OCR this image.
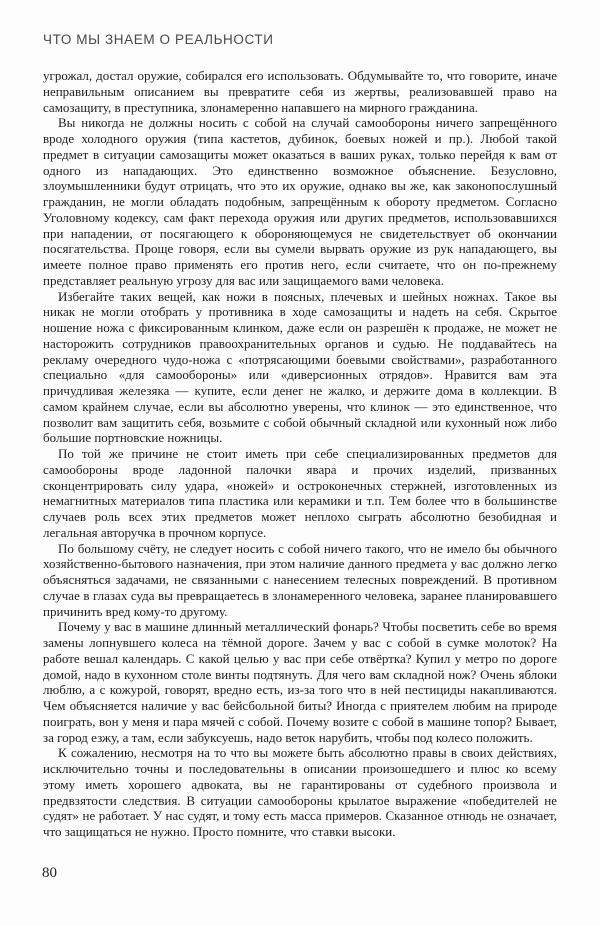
ЧТО МЫ ЗНАЕМ О РЕАЛЬНОСТИ

угрожал, достал оружие, собирался его использовать. Обдумывайте то, что говорите, иначе неправильным описанием вы превратите себя из жертвы, реализовавшей право на самозащиту, в преступника, злонамеренно напавшего на мирного гражданина.

Вы никогда не должны носить с собой на случай самообороны ничего запрещённого вроде холодного оружия (типа кастетов, дубинок, боевых ножей и пр.). Любой такой предмет в ситуации самозащиты может оказаться в ваших руках, только перейдя к вам от одного из нападающих. Это единственно возможное объяснение. Безусловно, злоумышленники будут отрицать, что это их оружие, однако вы же, как законопослушный гражданин, не могли обладать подобным, запрещённым к обороту предметом. Согласно Уголовному кодексу, сам факт перехода оружия или других предметов, использовавшихся при нападении, от посягающего к обороняющемуся не свидетельствует об окончании посягательства. Проще говоря, если вы сумели вырвать оружие из рук нападающего, вы имеете полное право применять его против него, если считаете, что он по-прежнему представляет реальную угрозу для вас или защищаемого вами человека.

Избегайте таких вещей, как ножи в поясных, плечевых и шейных ножнах. Такое вы никак не могли отобрать у противника в ходе самозащиты и надеть на себя. Скрытое ношение ножа с фиксированным клинком, даже если он разрешён к продаже, не может не насторожить сотрудников правоохранительных органов и судью. Не поддавайтесь на рекламу очередного чудо-ножа с «потрясающими боевыми свойствами», разработанного специально «для самообороны» или «диверсионных отрядов». Нравится вам эта причудливая железяка — купите, если денег не жалко, и держите дома в коллекции. В самом крайнем случае, если вы абсолютно уверены, что клинок — это единственное, что позволит вам защитить себя, возьмите с собой обычный складной или кухонный нож либо большие портновские ножницы.

По той же причине не стоит иметь при себе специализированных предметов для самообороны вроде ладонной палочки явара и прочих изделий, призванных сконцентрировать силу удара, «ножей» и остроконечных стержней, изготовленных из немагнитных материалов типа пластика или керамики и т.п. Тем более что в большинстве случаев роль всех этих предметов может неплохо сыграть абсолютно безобидная и легальная авторучка в прочном корпусе.

По большому счёту, не следует носить с собой ничего такого, что не имело бы обычного хозяйственно-бытового назначения, при этом наличие данного предмета у вас должно легко объясняться задачами, не связанными с нанесением телесных повреждений. В противном случае в глазах суда вы превращаетесь в злонамеренного человека, заранее планировавшего причинить вред кому-то другому.

Почему у вас в машине длинный металлический фонарь? Чтобы посветить себе во время замены лопнувшего колеса на тёмной дороге. Зачем у вас с собой в сумке молоток? На работе вешал календарь. С какой целью у вас при себе отвёртка? Купил у метро по дороге домой, надо в кухонном столе винты подтянуть. Для чего вам складной нож? Очень яблоки люблю, а с кожурой, говорят, вредно есть, из-за того что в ней пестициды накапливаются. Чем объясняется наличие у вас бейсбольной биты? Иногда с приятелем любим на природе поиграть, вон у меня и пара мячей с собой. Почему возите с собой в машине топор? Бывает, за город езжу, а там, если забуксуешь, надо веток нарубить, чтобы под колесо положить.

К сожалению, несмотря на то что вы можете быть абсолютно правы в своих действиях, исключительно точны и последовательны в описании произошедшего и плюс ко всему этому иметь хорошего адвоката, вы не гарантированы от судебного произвола и предвзятости следствия. В ситуации самообороны крылатое выражение «победителей не судят» не работает. У нас судят, и тому есть масса примеров. Сказанное отнюдь не означает, что защищаться не нужно. Просто помните, что ставки высоки.

80
